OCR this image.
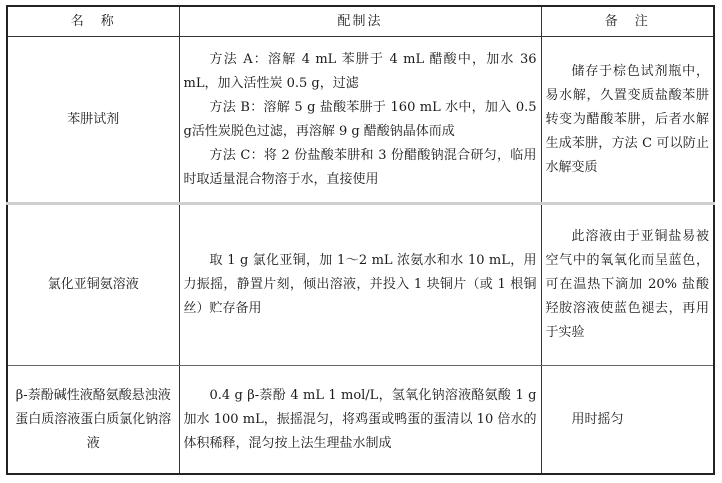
名　称	配制法	备　注
苯肼试剂	方法 A：溶解 4 mL 苯肼于 4 mL 醋酸中，加水 36 mL，加入活性炭 0.5 g，过滤

方法 B：溶解 5 g 盐酸苯肼于 160 mL 水中，加入 0.5 g活性炭脱色过滤，再溶解 9 g 醋酸钠晶体而成

方法 C：将 2 份盐酸苯肼和 3 份醋酸钠混合研匀，临用时取适量混合物溶于水，直接使用	储存于棕色试剂瓶中，易水解，久置变质盐酸苯肼转变为醋酸苯肼，后者水解生成苯肼，方法 C 可以防止水解变质

氯化亚铜氨溶液	取 1 g 氯化亚铜，加 1～2 mL 浓氨水和水 10 mL，用力振摇，静置片刻，倾出溶液，并投入 1 块铜片（或 1 根铜丝）贮存备用	此溶液由于亚铜盐易被空气中的氧氧化而呈蓝色，可在温热下滴加 20% 盐酸羟胺溶液使蓝色褪去，再用于实验

β-萘酚碱性液酪氨酸悬浊液蛋白质溶液蛋白质氯化钠溶液	0.4 g β-萘酚 4 mL 1 mol/L，氢氧化钠溶液酪氨酸 1 g加水 100 mL，振摇混匀，将鸡蛋或鸭蛋的蛋清以 10 倍水的体积稀释，混匀按上法生理盐水制成	用时摇匀
